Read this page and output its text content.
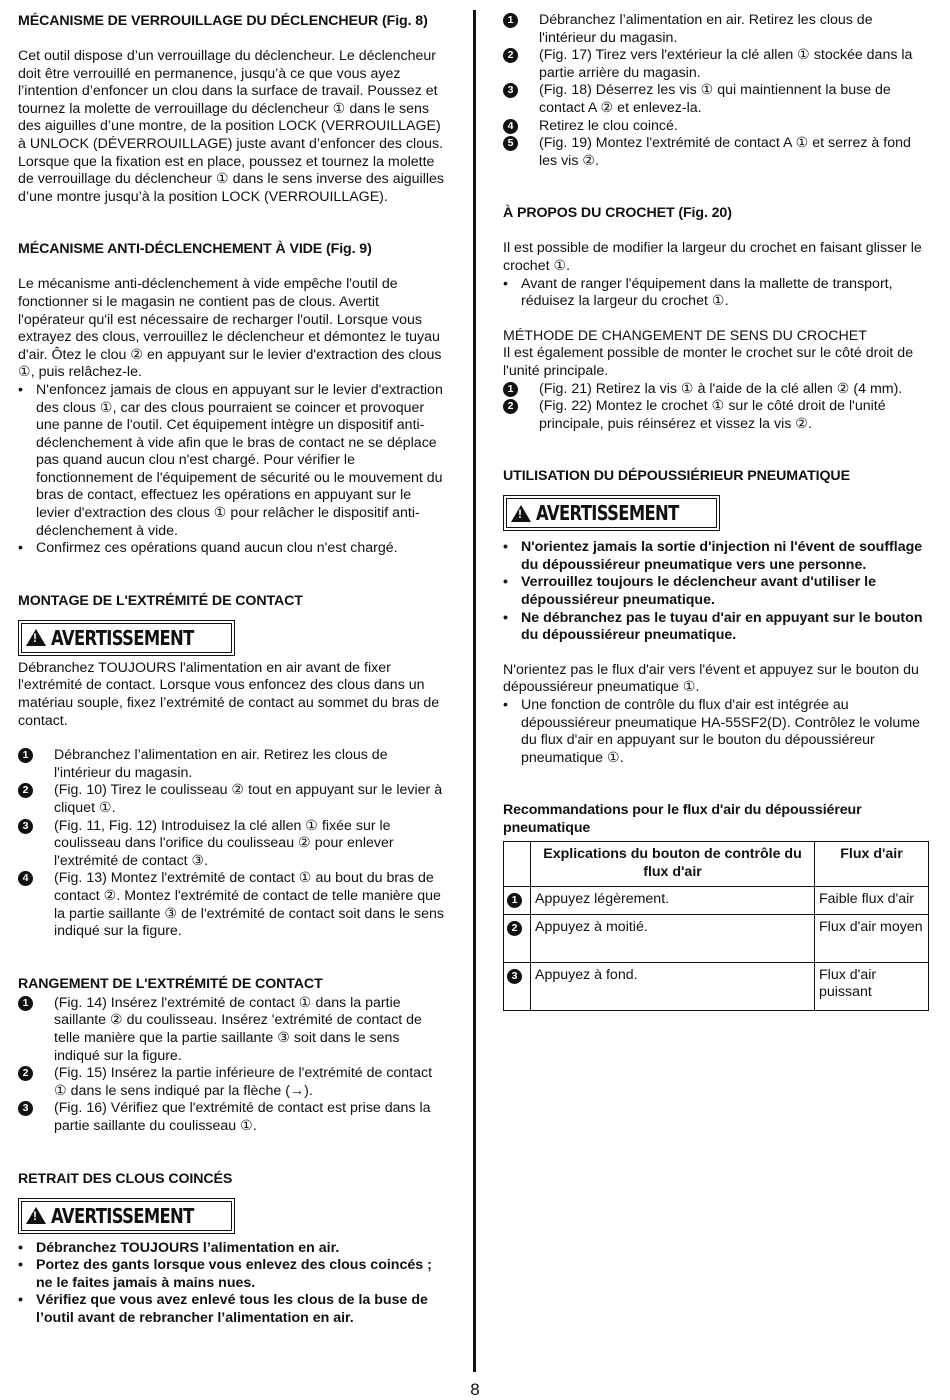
MÉCANISME DE VERROUILLAGE DU DÉCLENCHEUR (Fig. 8)

Cet outil dispose d’un verrouillage du déclencheur. Le déclencheur doit être verrouillé en permanence, jusqu’à ce que vous ayez l’intention d’enfoncer un clou dans la surface de travail. Poussez et tournez la molette de verrouillage du déclencheur ① dans le sens des aiguilles d’une montre, de la position LOCK (VERROUILLAGE) à UNLOCK (DÉVERROUILLAGE) juste avant d’enfoncer des clous. Lorsque que la fixation est en place, poussez et tournez la molette de verrouillage du déclencheur ① dans le sens inverse des aiguilles d’une montre jusqu’à la position LOCK (VERROUILLAGE).

MÉCANISME ANTI-DÉCLENCHEMENT À VIDE (Fig. 9)

Le mécanisme anti-déclenchement à vide empêche l'outil de fonctionner si le magasin ne contient pas de clous. Avertit l'opérateur qu'il est nécessaire de recharger l'outil. Lorsque vous extrayez des clous, verrouillez le déclencheur et démontez le tuyau d'air. Ôtez le clou ② en appuyant sur le levier d'extraction des clous ①, puis relâchez-le.

• N'enfoncez jamais de clous en appuyant sur le levier d'extraction des clous ①, car des clous pourraient se coincer et provoquer une panne de l'outil. Cet équipement intègre un dispositif anti-déclenchement à vide afin que le bras de contact ne se déplace pas quand aucun clou n'est chargé. Pour vérifier le fonctionnement de l'équipement de sécurité ou le mouvement du bras de contact, effectuez les opérations en appuyant sur le levier d'extraction des clous ① pour relâcher le dispositif anti-déclenchement à vide.
• Confirmez ces opérations quand aucun clou n'est chargé.
MONTAGE DE L'EXTRÉMITÉ DE CONTACT
!
AVERTISSEMENT

Débranchez TOUJOURS l'alimentation en air avant de fixer l'extrémité de contact. Lorsque vous enfoncez des clous dans un matériau souple, fixez l’extrémité de contact au sommet du bras de contact.

1	Débranchez l’alimentation en air. Retirez les clous de l'intérieur du magasin.
2	(Fig. 10) Tirez le coulisseau ② tout en appuyant sur le levier à cliquet ①.
3	(Fig. 11, Fig. 12) Introduisez la clé allen ① fixée sur le coulisseau dans l'orifice du coulisseau ② pour enlever l'extrémité de contact ③.
4	(Fig. 13) Montez l'extrémité de contact ① au bout du bras de contact ②. Montez l'extrémité de contact de telle manière que la partie saillante ③ de l'extrémité de contact soit dans le sens indiqué sur la figure.
RANGEMENT DE L'EXTRÉMITÉ DE CONTACT
1	(Fig. 14) Insérez l'extrémité de contact ① dans la partie saillante ② du coulisseau. Insérez 'extrémité de contact de telle manière que la partie saillante ③ soit dans le sens indiqué sur la figure.
2	(Fig. 15) Insérez la partie inférieure de l'extrémité de contact ① dans le sens indiqué par la flèche (→).
3	(Fig. 16) Vérifiez que l'extrémité de contact est prise dans la partie saillante du coulisseau ①.
RETRAIT DES CLOUS COINCÉS
!
AVERTISSEMENT
• Débranchez TOUJOURS l’alimentation en air.
• Portez des gants lorsque vous enlevez des clous coincés ; ne le faites jamais à mains nues.
• Vérifiez que vous avez enlevé tous les clous de la buse de l’outil avant de rebrancher l’alimentation en air.
1	Débranchez l’alimentation en air. Retirez les clous de l'intérieur du magasin.
2	(Fig. 17) Tirez vers l'extérieur la clé allen ① stockée dans la partie arrière du magasin.
3	(Fig. 18) Déserrez les vis ① qui maintiennent la buse de contact A ② et enlevez-la.
4	Retirez le clou coincé.
5	(Fig. 19) Montez l'extrémité de contact A ① et serrez à fond les vis ②.
À PROPOS DU CROCHET (Fig. 20)

Il est possible de modifier la largeur du crochet en faisant glisser le crochet ①.

• Avant de ranger l'équipement dans la mallette de transport, réduisez la largeur du crochet ①.

MÉTHODE DE CHANGEMENT DE SENS DU CROCHET

Il est également possible de monter le crochet sur le côté droit de l'unité principale.

1	(Fig. 21) Retirez la vis ① à l'aide de la clé allen ② (4 mm).
2	(Fig. 22) Montez le crochet ① sur le côté droit de l'unité principale, puis réinsérez et vissez la vis ②.
UTILISATION DU DÉPOUSSIÉRIEUR PNEUMATIQUE
!
AVERTISSEMENT
• N'orientez jamais la sortie d'injection ni l'évent de soufflage du dépoussiéreur pneumatique vers une personne.
• Verrouillez toujours le déclencheur avant d'utiliser le dépoussiéreur pneumatique.
• Ne débranchez pas le tuyau d'air en appuyant sur le bouton du dépoussiéreur pneumatique.

N'orientez pas le flux d'air vers l'évent et appuyez sur le bouton du dépoussiéreur pneumatique ①.

• Une fonction de contrôle du flux d'air est intégrée au dépoussiéreur pneumatique HA-55SF2(D). Contrôlez le volume du flux d'air en appuyant sur le bouton du dépoussiéreur pneumatique ①.
Recommandations pour le flux d'air du dépoussiéreur pneumatique
	Explications du bouton de contrôle du flux d'air	Flux d'air

1	Appuyez légèrement.	Faible flux d'air

2	Appuyez à moitié.	Flux d'air moyen

3	Appuyez à fond.	Flux d'air puissant
8
